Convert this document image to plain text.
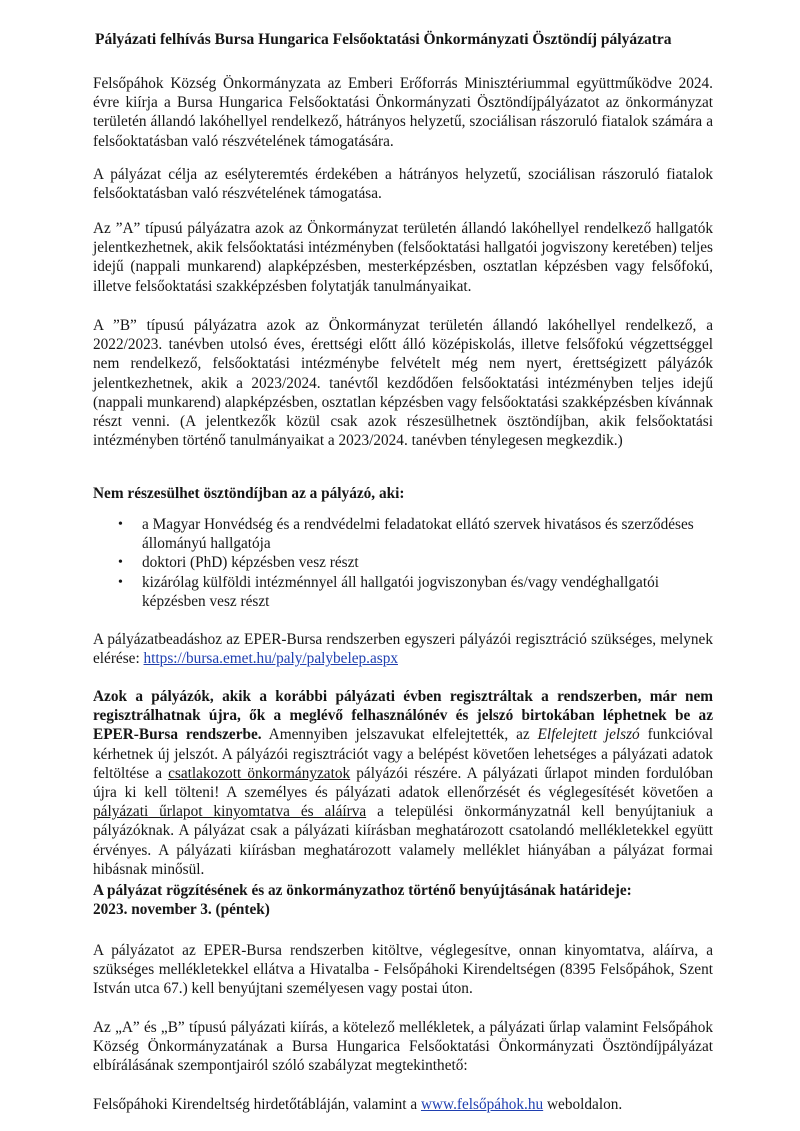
Pályázati felhívás Bursa Hungarica Felsőoktatási Önkormányzati Ösztöndíj pályázatra

Felsőpáhok Község Önkormányzata az Emberi Erőforrás Minisztériummal együttműködve 2024. évre kiírja a Bursa Hungarica Felsőoktatási Önkormányzati Ösztöndíjpályázatot az önkormányzat területén állandó lakóhellyel rendelkező, hátrányos helyzetű, szociálisan rászoruló fiatalok számára a felsőoktatásban való részvételének támogatására.

A pályázat célja az esélyteremtés érdekében a hátrányos helyzetű, szociálisan rászoruló fiatalok felsőoktatásban való részvételének támogatása.

Az ”A” típusú pályázatra azok az Önkormányzat területén állandó lakóhellyel rendelkező hallgatók jelentkezhetnek, akik felsőoktatási intézményben (felsőoktatási hallgatói jogviszony keretében) teljes idejű (nappali munkarend) alapképzésben, mesterképzésben, osztatlan képzésben vagy felsőfokú, illetve felsőoktatási szakképzésben folytatják tanulmányaikat.

A ”B” típusú pályázatra azok az Önkormányzat területén állandó lakóhellyel rendelkező, a 2022/2023. tanévben utolsó éves, érettségi előtt álló középiskolás, illetve felsőfokú végzettséggel nem rendelkező, felsőoktatási intézménybe felvételt még nem nyert, érettségizett pályázók jelentkezhetnek, akik a 2023/2024. tanévtől kezdődően felsőoktatási intézményben teljes idejű (nappali munkarend) alapképzésben, osztatlan képzésben vagy felsőoktatási szakképzésben kívánnak részt venni. (A jelentkezők közül csak azok részesülhetnek ösztöndíjban, akik felsőoktatási intézményben történő tanulmányaikat a 2023/2024. tanévben ténylegesen megkezdik.)

Nem részesülhet ösztöndíjban az a pályázó, aki:

• a Magyar Honvédség és a rendvédelmi feladatokat ellátó szervek hivatásos és szerződéses állományú hallgatója
• doktori (PhD) képzésben vesz részt
• kizárólag külföldi intézménnyel áll hallgatói jogviszonyban és/vagy vendéghallgatói képzésben vesz részt

A pályázatbeadáshoz az EPER-Bursa rendszerben egyszeri pályázói regisztráció szükséges, melynek elérése: https://bursa.emet.hu/paly/palybelep.aspx

Azok a pályázók, akik a korábbi pályázati évben regisztráltak a rendszerben, már nem regisztrálhatnak újra, ők a meglévő felhasználónév és jelszó birtokában léphetnek be az EPER-Bursa rendszerbe. Amennyiben jelszavukat elfelejtették, az Elfelejtett jelszó funkcióval kérhetnek új jelszót. A pályázói regisztrációt vagy a belépést követően lehetséges a pályázati adatok feltöltése a csatlakozott önkormányzatok pályázói részére. A pályázati űrlapot minden fordulóban újra ki kell tölteni! A személyes és pályázati adatok ellenőrzését és véglegesítését követően a pályázati űrlapot kinyomtatva és aláírva a települési önkormányzatnál kell benyújtaniuk a pályázóknak. A pályázat csak a pályázati kiírásban meghatározott csatolandó mellékletekkel együtt érvényes. A pályázati kiírásban meghatározott valamely melléklet hiányában a pályázat formai hibásnak minősül.

A pályázat rögzítésének és az önkormányzathoz történő benyújtásának határideje:
2023. november 3. (péntek)

A pályázatot az EPER-Bursa rendszerben kitöltve, véglegesítve, onnan kinyomtatva, aláírva, a szükséges mellékletekkel ellátva a Hivatalba - Felsőpáhoki Kirendeltségen (8395 Felsőpáhok, Szent István utca 67.) kell benyújtani személyesen vagy postai úton.

Az „A” és „B” típusú pályázati kiírás, a kötelező mellékletek, a pályázati űrlap valamint Felsőpáhok Község Önkormányzatának a Bursa Hungarica Felsőoktatási Önkormányzati Ösztöndíjpályázat elbírálásának szempontjairól szóló szabályzat megtekinthető:

Felsőpáhoki Kirendeltség hirdetőtábláján, valamint a www.felsőpáhok.hu weboldalon.
